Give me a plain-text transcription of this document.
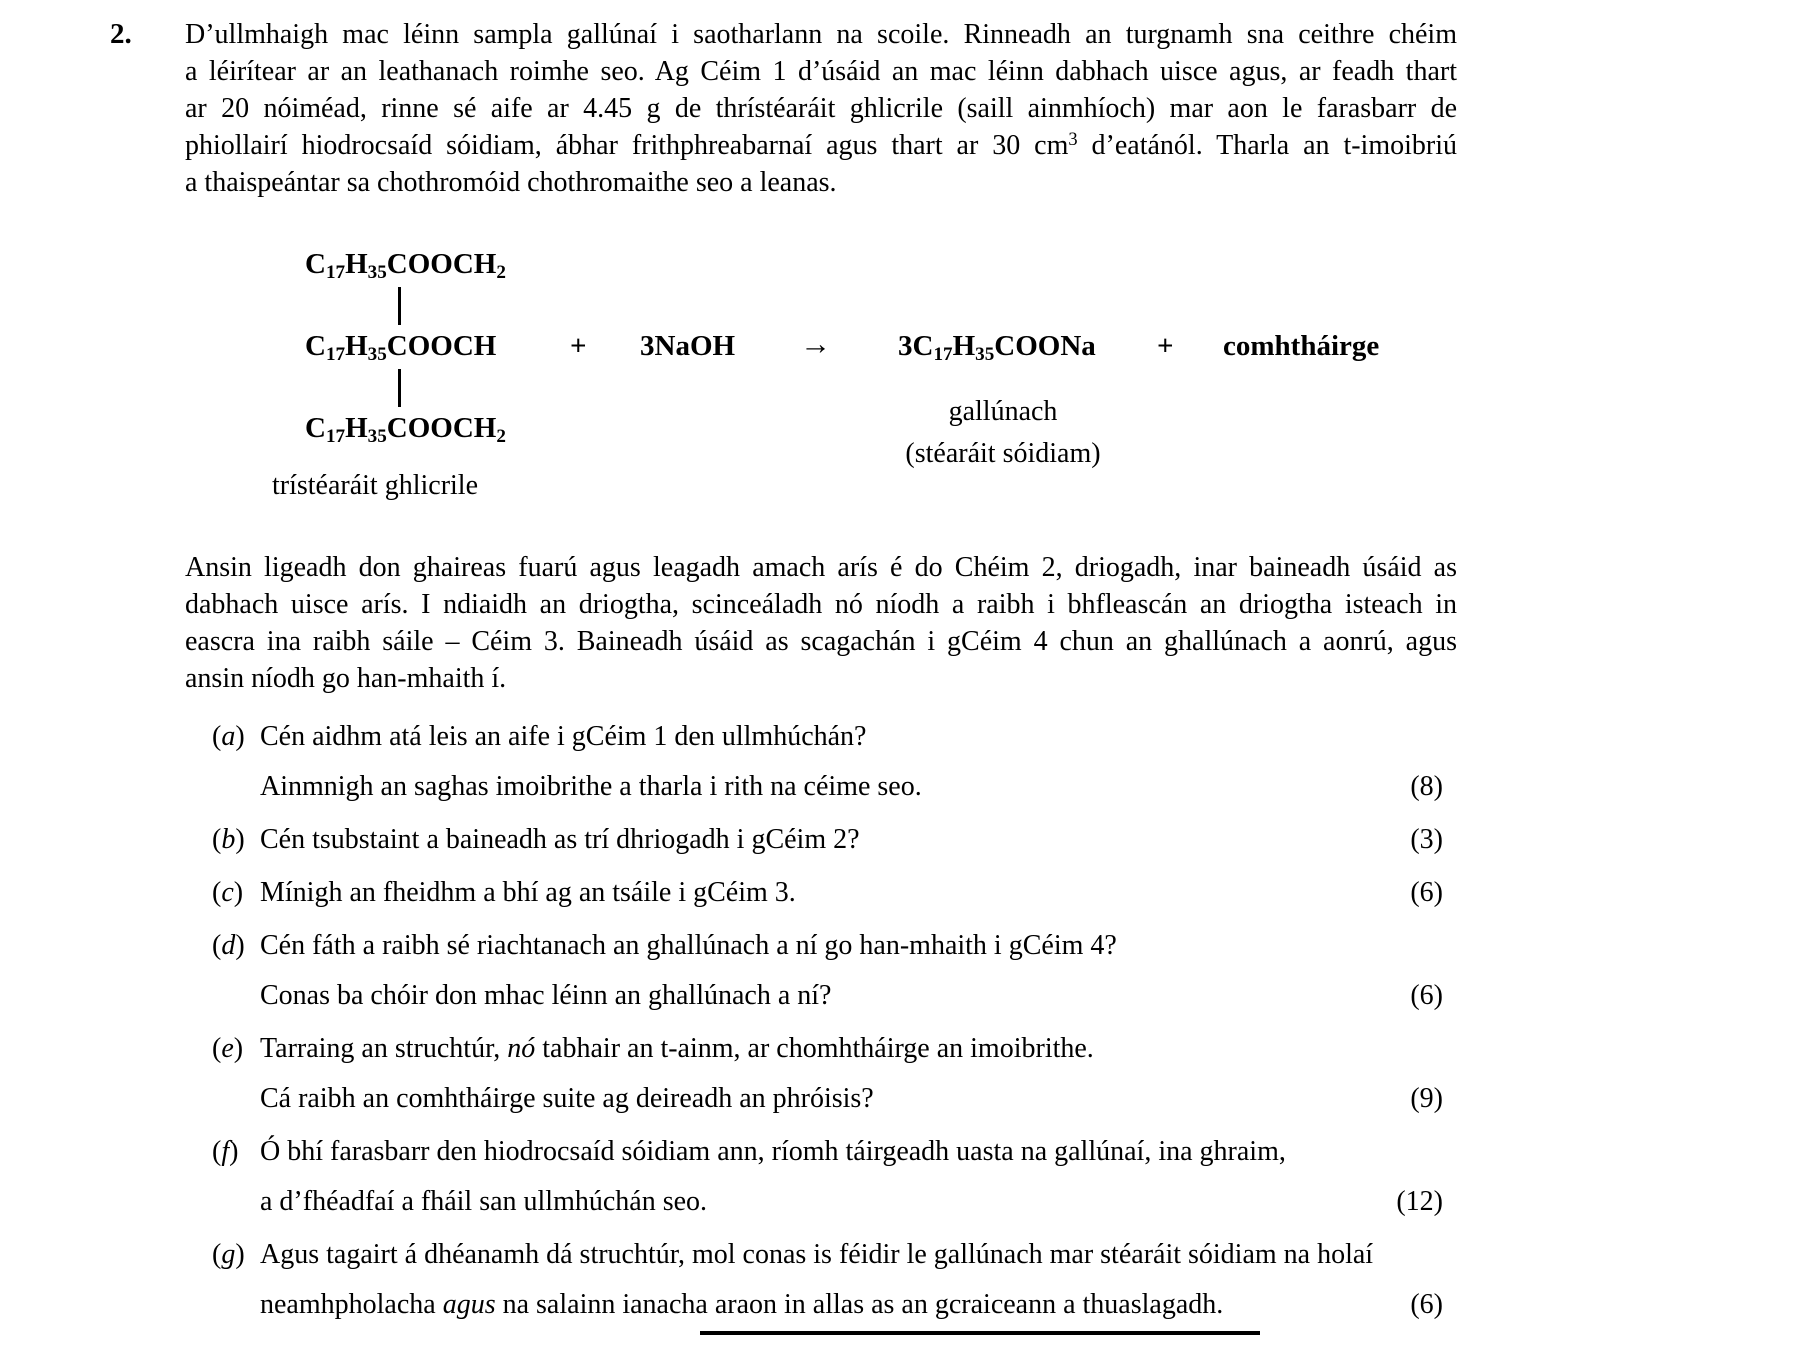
2. D’ullmhaigh mac léinn sampla gallúnaí i saotharlann na scoile. Rinneadh an turgnamh sna ceithre chéim
a léirítear ar an leathanach roimhe seo. Ag Céim 1 d’úsáid an mac léinn dabhach uisce agus, ar feadh thart
ar 20 nóiméad, rinne sé aife ar 4.45 g de thrístéaráit ghlicrile (saill ainmhíoch) mar aon le farasbarr de
phiollairí hiodrocsaíd sóidiam, ábhar frithphreabarnaí agus thart ar 30 $cm^3$ d’eatánól. Tharla an t-imoibriú
a thaispeántar sa chothromóid chothromaithe seo a leanas.
$C_{17}H_{35}COOCH_2$
$C_{17}H_{35}COOCH$	+ 3NaOH → $3C_{17}H_{35}COONa$ + comhtháirge
$C_{17}H_{35}COOCH_2$
gallúnach
(stéaráit sóidiam)
trístéaráit ghlicrile
Ansin ligeadh don ghaireas fuarú agus leagadh amach arís é do Chéim 2, driogadh, inar baineadh úsáid as
dabhach uisce arís. I ndiaidh an driogtha, scinceáladh nó níodh a raibh i bhfleascán an driogtha isteach in
eascra ina raibh sáile – Céim 3. Baineadh úsáid as scagachán i gCéim 4 chun an ghallúnach a aonrú, agus
ansin níodh go han-mhaith í.
(a) Cén aidhm atá leis an aife i gCéim 1 den ullmhúchán?
Ainmnigh an saghas imoibrithe a tharla i rith na céime seo.	(8)
(b) Cén tsubstaint a baineadh as trí dhriogadh i gCéim 2?	(3)
(c) Mínigh an fheidhm a bhí ag an tsáile i gCéim 3.	(6)
(d) Cén fáth a raibh sé riachtanach an ghallúnach a ní go han-mhaith i gCéim 4?
Conas ba chóir don mhac léinn an ghallúnach a ní?	(6)
(e) Tarraing an struchtúr, nó tabhair an t-ainm, ar chomhtháirge an imoibrithe.
Cá raibh an comhtháirge suite ag deireadh an phróisis?	(9)
(f) Ó bhí farasbarr den hiodrocsaíd sóidiam ann, ríomh táirgeadh uasta na gallúnaí, ina ghraim,
a d’fhéadfaí a fháil san ullmhúchán seo.	(12)
(g) Agus tagairt á dhéanamh dá struchtúr, mol conas is féidir le gallúnach mar stéaráit sóidiam na holaí
neamhpholacha agus na salainn ianacha araon in allas as an gcraiceann a thuaslagadh.	(6)
